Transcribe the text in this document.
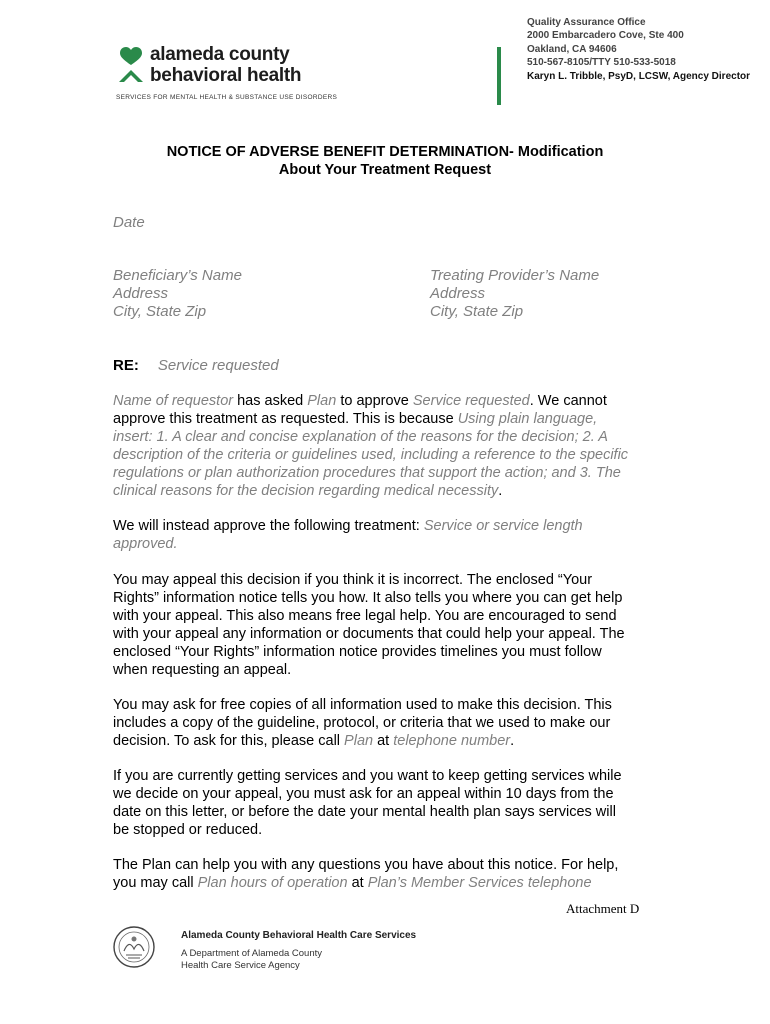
alameda county
behavioral health
SERVICES FOR MENTAL HEALTH & SUBSTANCE USE DISORDERS
Quality Assurance Office
2000 Embarcadero Cove, Ste 400
Oakland, CA 94606
510-567-8105/TTY 510-533-5018
Karyn L. Tribble, PsyD, LCSW, Agency Director
NOTICE OF ADVERSE BENEFIT DETERMINATION- Modification
About Your Treatment Request
Date
Beneficiary’s Name
Address
City, State Zip
Treating Provider’s Name
Address
City, State Zip
RE: Service requested
Name of requestor has asked Plan to approve Service requested. We cannot
approve this treatment as requested. This is because Using plain language,
insert: 1. A clear and concise explanation of the reasons for the decision; 2. A
description of the criteria or guidelines used, including a reference to the specific
regulations or plan authorization procedures that support the action; and 3. The
clinical reasons for the decision regarding medical necessity.
We will instead approve the following treatment: Service or service length
approved.
You may appeal this decision if you think it is incorrect. The enclosed “Your
Rights” information notice tells you how. It also tells you where you can get help
with your appeal. This also means free legal help. You are encouraged to send
with your appeal any information or documents that could help your appeal. The
enclosed “Your Rights” information notice provides timelines you must follow
when requesting an appeal.
You may ask for free copies of all information used to make this decision. This
includes a copy of the guideline, protocol, or criteria that we used to make our
decision. To ask for this, please call Plan at telephone number.
If you are currently getting services and you want to keep getting services while
we decide on your appeal, you must ask for an appeal within 10 days from the
date on this letter, or before the date your mental health plan says services will
be stopped or reduced.
The Plan can help you with any questions you have about this notice. For help,
you may call Plan hours of operation at Plan’s Member Services telephone
Attachment D
Alameda County Behavioral Health Care Services
A Department of Alameda County
Health Care Service Agency
